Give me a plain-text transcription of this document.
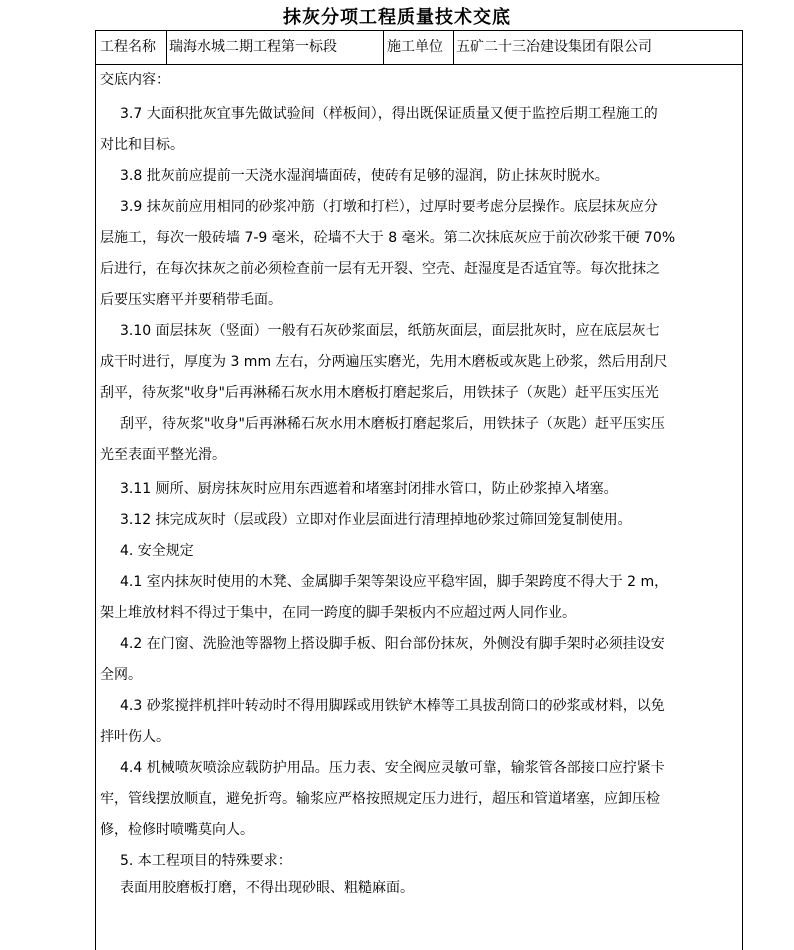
抹灰分项工程质量技术交底
工程名称 瑞海水城二期工程第一标段	施工单位 五矿二十三冶建设集团有限公司
交底内容：
3.7 大面积批灰宜事先做试验间（样板间），得出既保证质量又便于监控后期工程施工的
对比和目标。
3.8 批灰前应提前一天浇水湿润墙面砖，使砖有足够的湿润，防止抹灰时脱水。
3.9 抹灰前应用相同的砂浆冲筋（打墩和打栏），过厚时要考虑分层操作。底层抹灰应分
层施工，每次一般砖墙 7-9 毫米，砼墙不大于 8 毫米。第二次抹底灰应于前次砂浆干硬 70%
后进行，在每次抹灰之前必须检查前一层有无开裂、空壳、赶湿度是否适宜等。每次批抹之
后要压实磨平并要稍带毛面。
3.10 面层抹灰（竖面）一般有石灰砂浆面层，纸筋灰面层，面层批灰时，应在底层灰七
成干时进行，厚度为 3 mm 左右，分两遍压实磨光，先用木磨板或灰匙上砂浆，然后用刮尺
刮平，待灰浆"收身"后再淋稀石灰水用木磨板打磨起浆后，用铁抹子（灰匙）赶平压实压光
刮平，待灰浆"收身"后再淋稀石灰水用木磨板打磨起浆后，用铁抹子（灰匙）赶平压实压
光至表面平整光滑。
3.11 厕所、厨房抹灰时应用东西遮着和堵塞封闭排水管口，防止砂浆掉入堵塞。
3.12 抹完成灰时（层或段）立即对作业层面进行清理掉地砂浆过筛回笼复制使用。
4. 安全规定
4.1 室内抹灰时使用的木凳、金属脚手架等架设应平稳牢固，脚手架跨度不得大于 2 m，
架上堆放材料不得过于集中，在同一跨度的脚手架板内不应超过两人同作业。
4.2 在门窗、洗脸池等器物上搭设脚手板、阳台部份抹灰，外侧没有脚手架时必须挂设安
全网。
4.3 砂浆搅拌机拌叶转动时不得用脚踩或用铁铲木棒等工具拔刮筒口的砂浆或材料，以免
拌叶伤人。
4.4 机械喷灰喷涂应载防护用品。压力表、安全阀应灵敏可靠，输浆管各部接口应拧紧卡
牢，管线摆放顺直，避免折弯。输浆应严格按照规定压力进行，超压和管道堵塞，应卸压检
修，检修时喷嘴莫向人。
5. 本工程项目的特殊要求：
表面用胶磨板打磨，不得出现砂眼、粗糙麻面。
